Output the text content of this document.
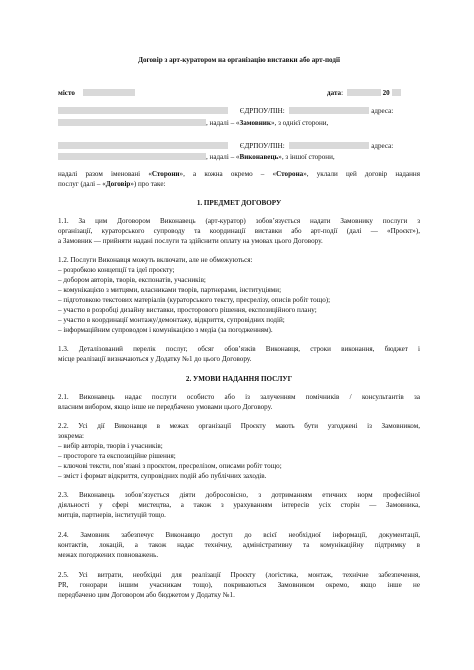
Договір з арт-куратором на організацію виставки або арт-події
місто	дата:	20
ЄДРПОУ/ПІН:	адреса:
, надалі – «Замовник», з однієї сторони,
ЄДРПОУ/ПІН:	адреса:
, надалі – «Виконавець», з іншої сторони,
надалі разом іменовані «Сторони», а кожна окремо – «Сторона», уклали цей договір надання
послуг (далі – «Договір») про таке:
1. ПРЕДМЕТ ДОГОВОРУ
1.1. За цим Договором Виконавець (арт-куратор) зобов’язується надати Замовнику послуги з
організації, кураторського супроводу та координації виставки або арт-події (далі — «Проєкт»),
а Замовник — прийняти надані послуги та здійснити оплату на умовах цього Договору.
1.2. Послуги Виконавця можуть включати, але не обмежуються:
– розробкою концепції та ідеї проєкту;
– добором авторів, творів, експонатів, учасників;
– комунікацією з митцями, власниками творів, партнерами, інституціями;
– підготовкою текстових матеріалів (кураторського тексту, пресрелізу, описів робіт тощо);
– участю в розробці дизайну виставки, просторового рішення, експозиційного плану;
– участю в координації монтажу/демонтажу, відкриття, супровідних подій;
– інформаційним супроводом і комунікацією з медіа (за погодженням).
1.3. Деталізований перелік послуг, обсяг обов’язків Виконавця, строки виконання, бюджет і
місце реалізації визначаються у Додатку №1 до цього Договору.
2. УМОВИ НАДАННЯ ПОСЛУГ
2.1. Виконавець надає послуги особисто або із залученням помічників / консультантів за
власним вибором, якщо інше не передбачено умовами цього Договору.
2.2. Усі дії Виконавця в межах організації Проєкту мають бути узгоджені із Замовником,
зокрема:
– вибір авторів, творів і учасників;
– простороге та експозиційне рішення;
– ключові тексти, пов’язані з проєктом, пресрелізом, описами робіт тощо;
– зміст і формат відкриття, супровідних подій або публічних заходів.
2.3. Виконавець зобов’язується діяти добросовісно, з дотриманням етичних норм професійної
діяльності у сфері мистецтва, а також з урахуванням інтересів усіх сторін — Замовника,
митців, партнерів, інституцій тощо.
2.4. Замовник забезпечує Виконавцю доступ до всієї необхідної інформації, документації,
контактів, локацій, а також надає технічну, адміністративну та комунікаційну підтримку в
межах погоджених повноважень.
2.5. Усі витрати, необхідні для реалізації Проєкту (логістика, монтаж, технічне забезпечення,
PR, гонорари іншим учасникам тощо), покриваються Замовником окремо, якщо інше не
передбачено цим Договором або бюджетом у Додатку №1.
